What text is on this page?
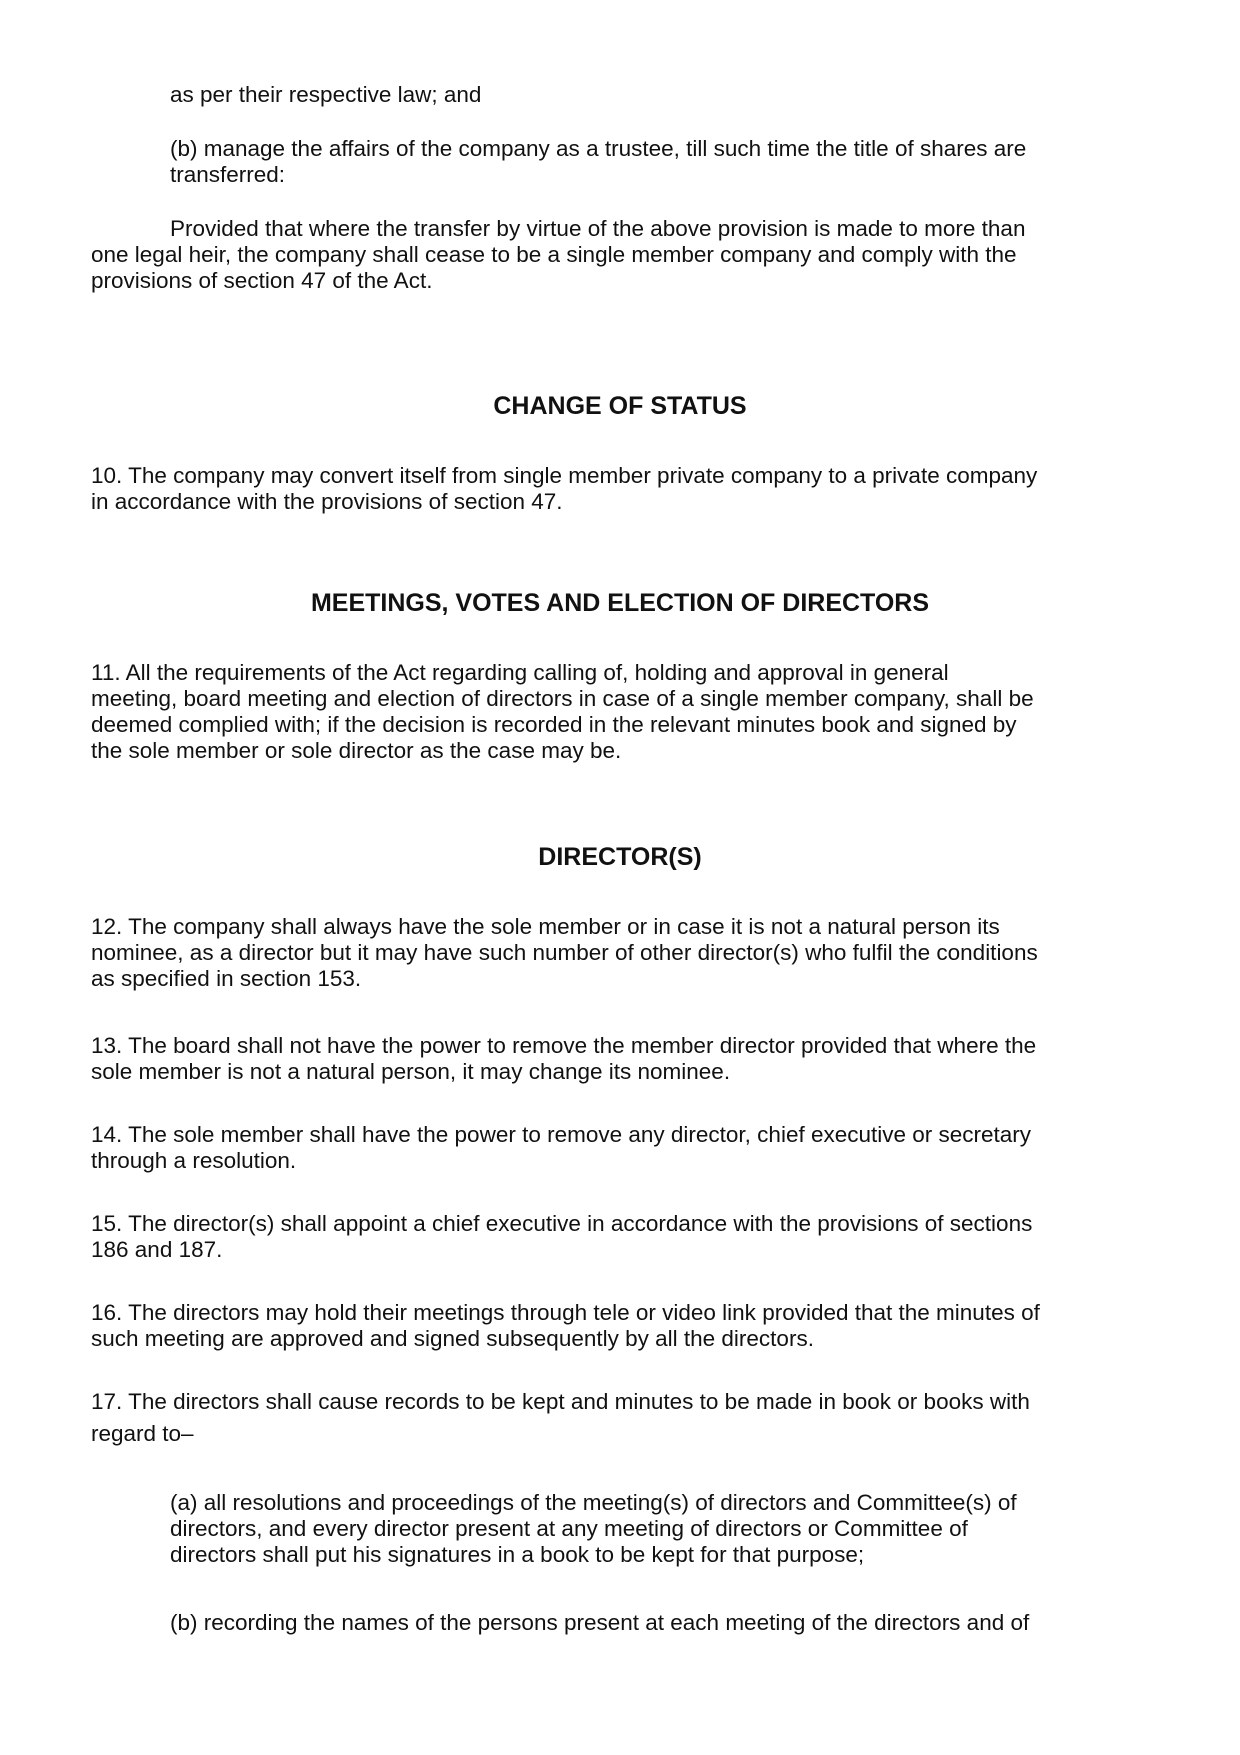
as per their respective law; and
(b) manage the affairs of the company as a trustee, till such time the title of shares are
transferred:
Provided that where the transfer by virtue of the above provision is made to more than
one legal heir, the company shall cease to be a single member company and comply with the
provisions of section 47 of the Act.
CHANGE OF STATUS
10. The company may convert itself from single member private company to a private company
in accordance with the provisions of section 47.
MEETINGS, VOTES AND ELECTION OF DIRECTORS
11. All the requirements of the Act regarding calling of, holding and approval in general
meeting, board meeting and election of directors in case of a single member company, shall be
deemed complied with; if the decision is recorded in the relevant minutes book and signed by
the sole member or sole director as the case may be.
DIRECTOR(S)
12. The company shall always have the sole member or in case it is not a natural person its
nominee, as a director but it may have such number of other director(s) who fulfil the conditions
as specified in section 153.
13. The board shall not have the power to remove the member director provided that where the
sole member is not a natural person, it may change its nominee.
14. The sole member shall have the power to remove any director, chief executive or secretary
through a resolution.
15. The director(s) shall appoint a chief executive in accordance with the provisions of sections
186 and 187.
16. The directors may hold their meetings through tele or video link provided that the minutes of
such meeting are approved and signed subsequently by all the directors.
17. The directors shall cause records to be kept and minutes to be made in book or books with
regard to–
(a) all resolutions and proceedings of the meeting(s) of directors and Committee(s) of
directors, and every director present at any meeting of directors or Committee of
directors shall put his signatures in a book to be kept for that purpose;
(b) recording the names of the persons present at each meeting of the directors and of
